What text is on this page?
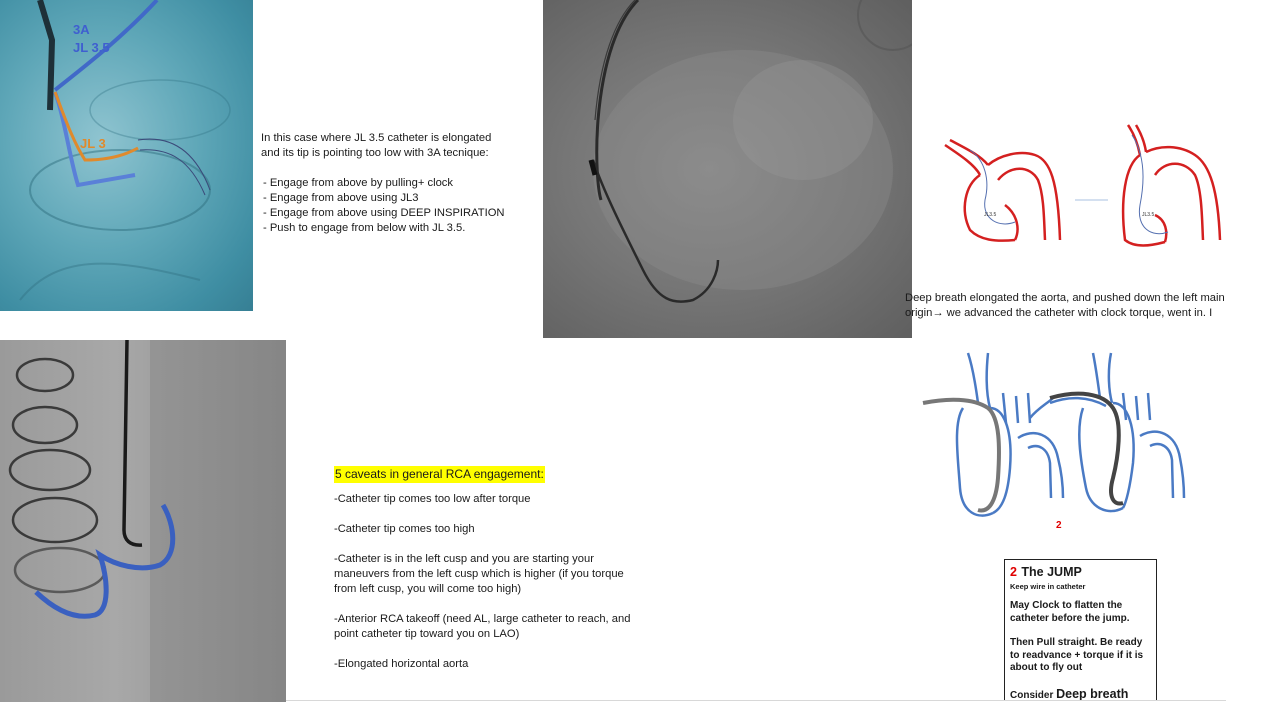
3A
JL 3.5
JL 3	In this case where JL 3.5 catheter is elongated and its tip is pointing too low with 3A tecnique:

- Engage from above by pulling+ clock
- Engage from above using JL3
- Engage from above using DEEP INSPIRATION
- Push to engage from below with JL 3.5.
JL3.5	JL3.5
Deep breath elongated the aorta, and pushed down the left main origin→ we advanced the catheter with clock torque, went in. I
5 caveats in general RCA engagement:
-Catheter tip comes too low after torque
-Catheter tip comes too high
-Catheter is in the left cusp and you are starting your
maneuvers from the left cusp which is higher (if you torque
from left cusp, you will come too high)
-Anterior RCA takeoff (need AL, large catheter to reach, and
point catheter tip toward you on LAO)
-Elongated horizontal aorta
2
2 The JUMP
Keep wire in catheter
May Clock to flatten the catheter before the jump.
Then Pull straight. Be ready to readvance + torque if it is about to fly out
Consider Deep breath
